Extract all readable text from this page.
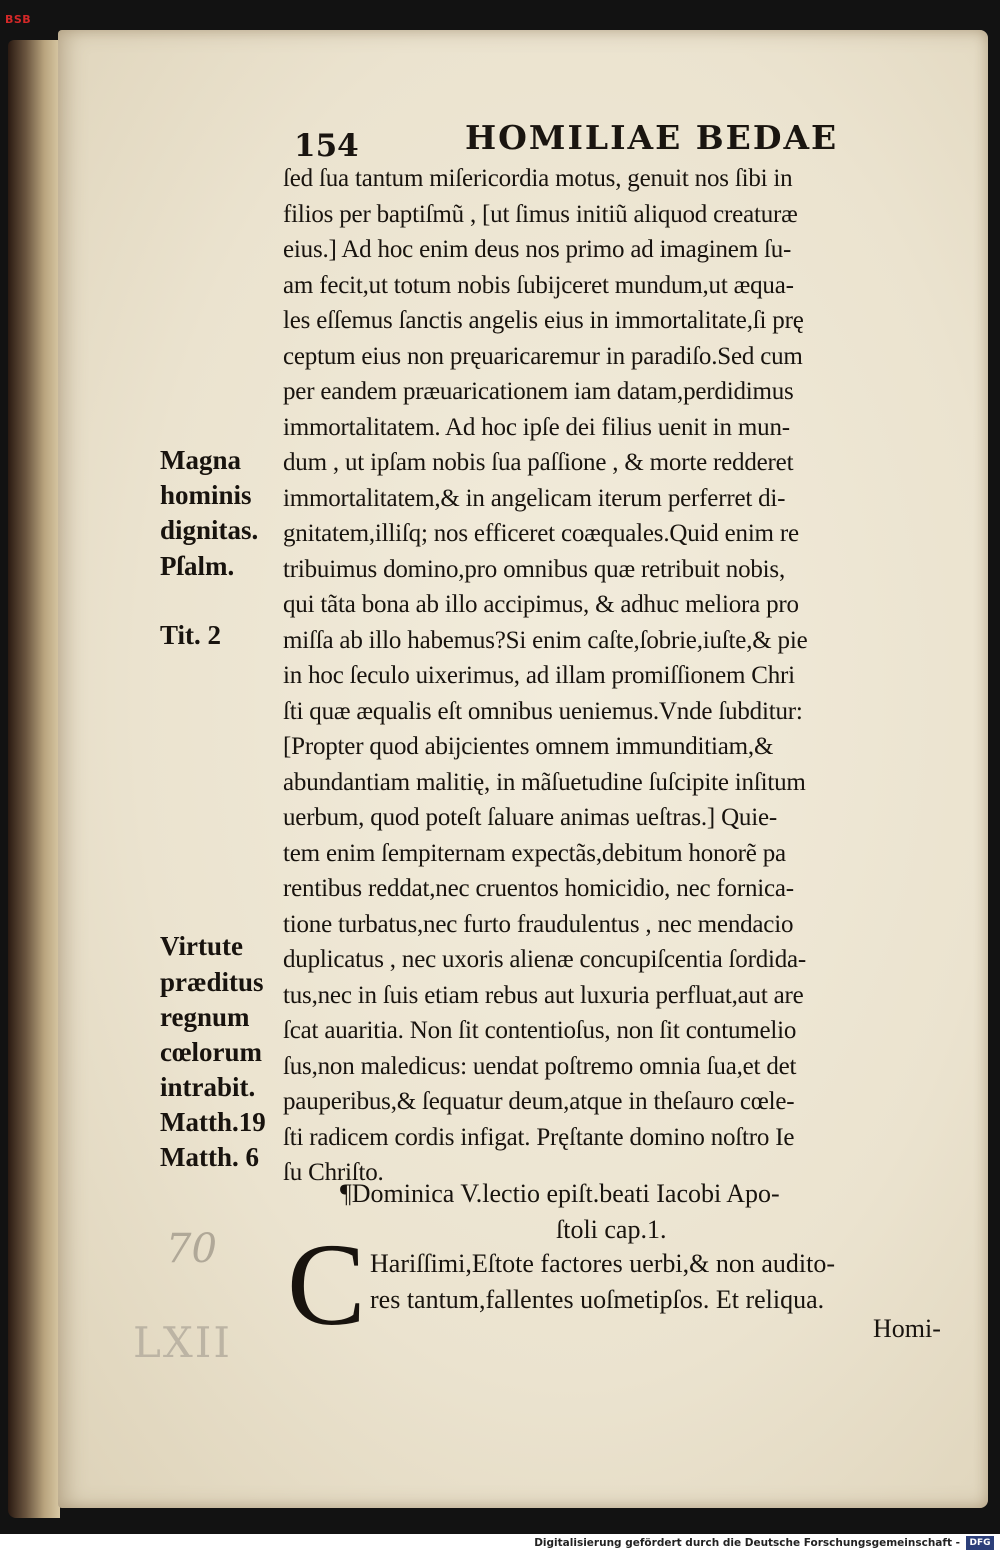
BSB
154	HOMILIAE BEDAE
Magna
hominis
dignitas.
Pſalm.
Tit. 2
Virtute
præditus
regnum
cœlorum
intrabit.
Matth.19
Matth. 6
ſed ſua tantum miſericordia motus, genuit nos ſibi in
filios per baptiſmũ , [ut ſimus initiũ aliquod creaturæ
eius.] Ad hoc enim deus nos primo ad imaginem ſu-
am fecit,ut totum nobis ſubijceret mundum,ut æqua-
les eſſemus ſanctis angelis eius in immortalitate,ſi prę
ceptum eius non pręuaricaremur in paradiſo.Sed cum
per eandem præuaricationem iam datam,perdidimus
immortalitatem. Ad hoc ipſe dei filius uenit in mun-
dum , ut ipſam nobis ſua paſſione , & morte redderet
immortalitatem,& in angelicam iterum perferret di-
gnitatem,illiſq; nos efficeret coæquales.Quid enim re
tribuimus domino,pro omnibus quæ retribuit nobis,
qui tãta bona ab illo accipimus, & adhuc meliora pro
miſſa ab illo habemus?Si enim caſte,ſobrie,iuſte,& pie
in hoc ſeculo uixerimus, ad illam promiſſionem Chri
ſti quæ æqualis eſt omnibus ueniemus.Vnde ſubditur:
[Propter quod abijcientes omnem immunditiam,&
abundantiam malitię, in mãſuetudine ſuſcipite inſitum
uerbum, quod poteſt ſaluare animas ueſtras.] Quie-
tem enim ſempiternam expectãs,debitum honorẽ pa
rentibus reddat,nec cruentos homicidio, nec fornica-
tione turbatus,nec furto fraudulentus , nec mendacio
duplicatus , nec uxoris alienæ concupiſcentia ſordida-
tus,nec in ſuis etiam rebus aut luxuria perfluat,aut are
ſcat auaritia. Non ſit contentioſus, non ſit contumelio
ſus,non maledicus: uendat poſtremo omnia ſua,et det
pauperibus,& ſequatur deum,atque in theſauro cœle-
ſti radicem cordis infigat. Pręſtante domino noſtro Ie
ſu Chriſto.
¶Dominica V.lectio epiſt.beati Iacobi Apo-
ſtoli cap.1.
C Hariſſimi,Eſtote factores uerbi,& non audito-
res tantum,fallentes uoſmetipſos. Et reliqua.
Homi-
70
LXII
Digitalisierung gefördert durch die Deutsche Forschungsgemeinschaft -	DFG
